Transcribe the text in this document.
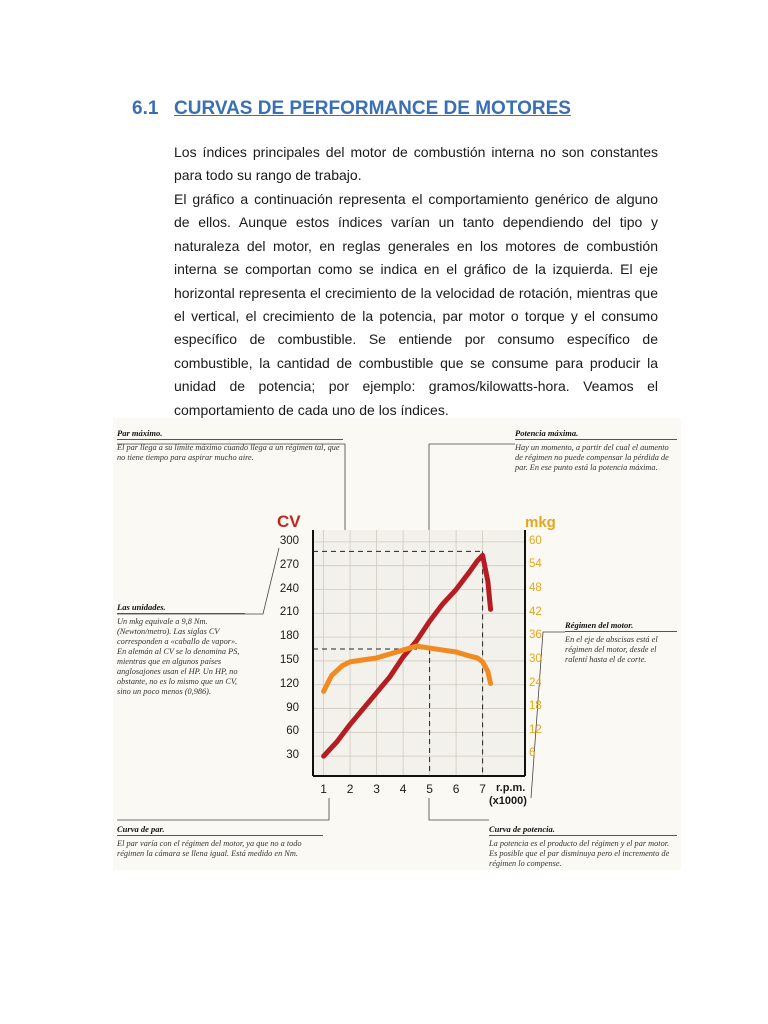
6.1 CURVAS DE PERFORMANCE DE MOTORES

Los índices principales del motor de combustión interna no son constantes para todo su rango de trabajo.

El gráfico a continuación representa el comportamiento genérico de alguno de ellos. Aunque estos índices varían un tanto dependiendo del tipo y naturaleza del motor, en reglas generales en los motores de combustión interna se comportan como se indica en el gráfico de la izquierda. El eje horizontal representa el crecimiento de la velocidad de rotación, mientras que el vertical, el crecimiento de la potencia, par motor o torque y el consumo específico de combustible. Se entiende por consumo específico de combustible, la cantidad de combustible que se consume para producir la unidad de potencia; por ejemplo: gramos/kilowatts-hora. Veamos el comportamiento de cada uno de los índices.

Par máximo.
El par llega a su límite máximo cuando llega a un régimen tal, que no tiene tiempo para aspirar mucho aire.
Potencia máxima.
Hay un momento, a partir del cual el aumento de régimen no puede compensar la pérdida de par. En ese punto está la potencia máxima.
Las unidades.
Un mkg equivale a 9,8 Nm. (Newton/metro). Las siglas CV corresponden a «caballo de vapor». En alemán al CV se lo denomina PS, mientras que en algunos países anglosajones usan el HP. Un HP, no obstante, no es lo mismo que un CV, sino un poco menos (0,986).
Régimen del motor.
En el eje de abscisas está el régimen del motor, desde el ralentí hasta el de corte.
Curva de par.
El par varía con el régimen del motor, ya que no a todo régimen la cámara se llena igual. Está medido en Nm.
Curva de potencia.
La potencia es el producto del régimen y el par motor. Es posible que el par disminuya pero el incremento de régimen lo compense.
CV	mkg
r.p.m.
(x1000)
30
60
90
120
150
180
210
240
270
300
6
12
18
24
30
36
42
48
54
60
1	2	3	4	5	6	7
